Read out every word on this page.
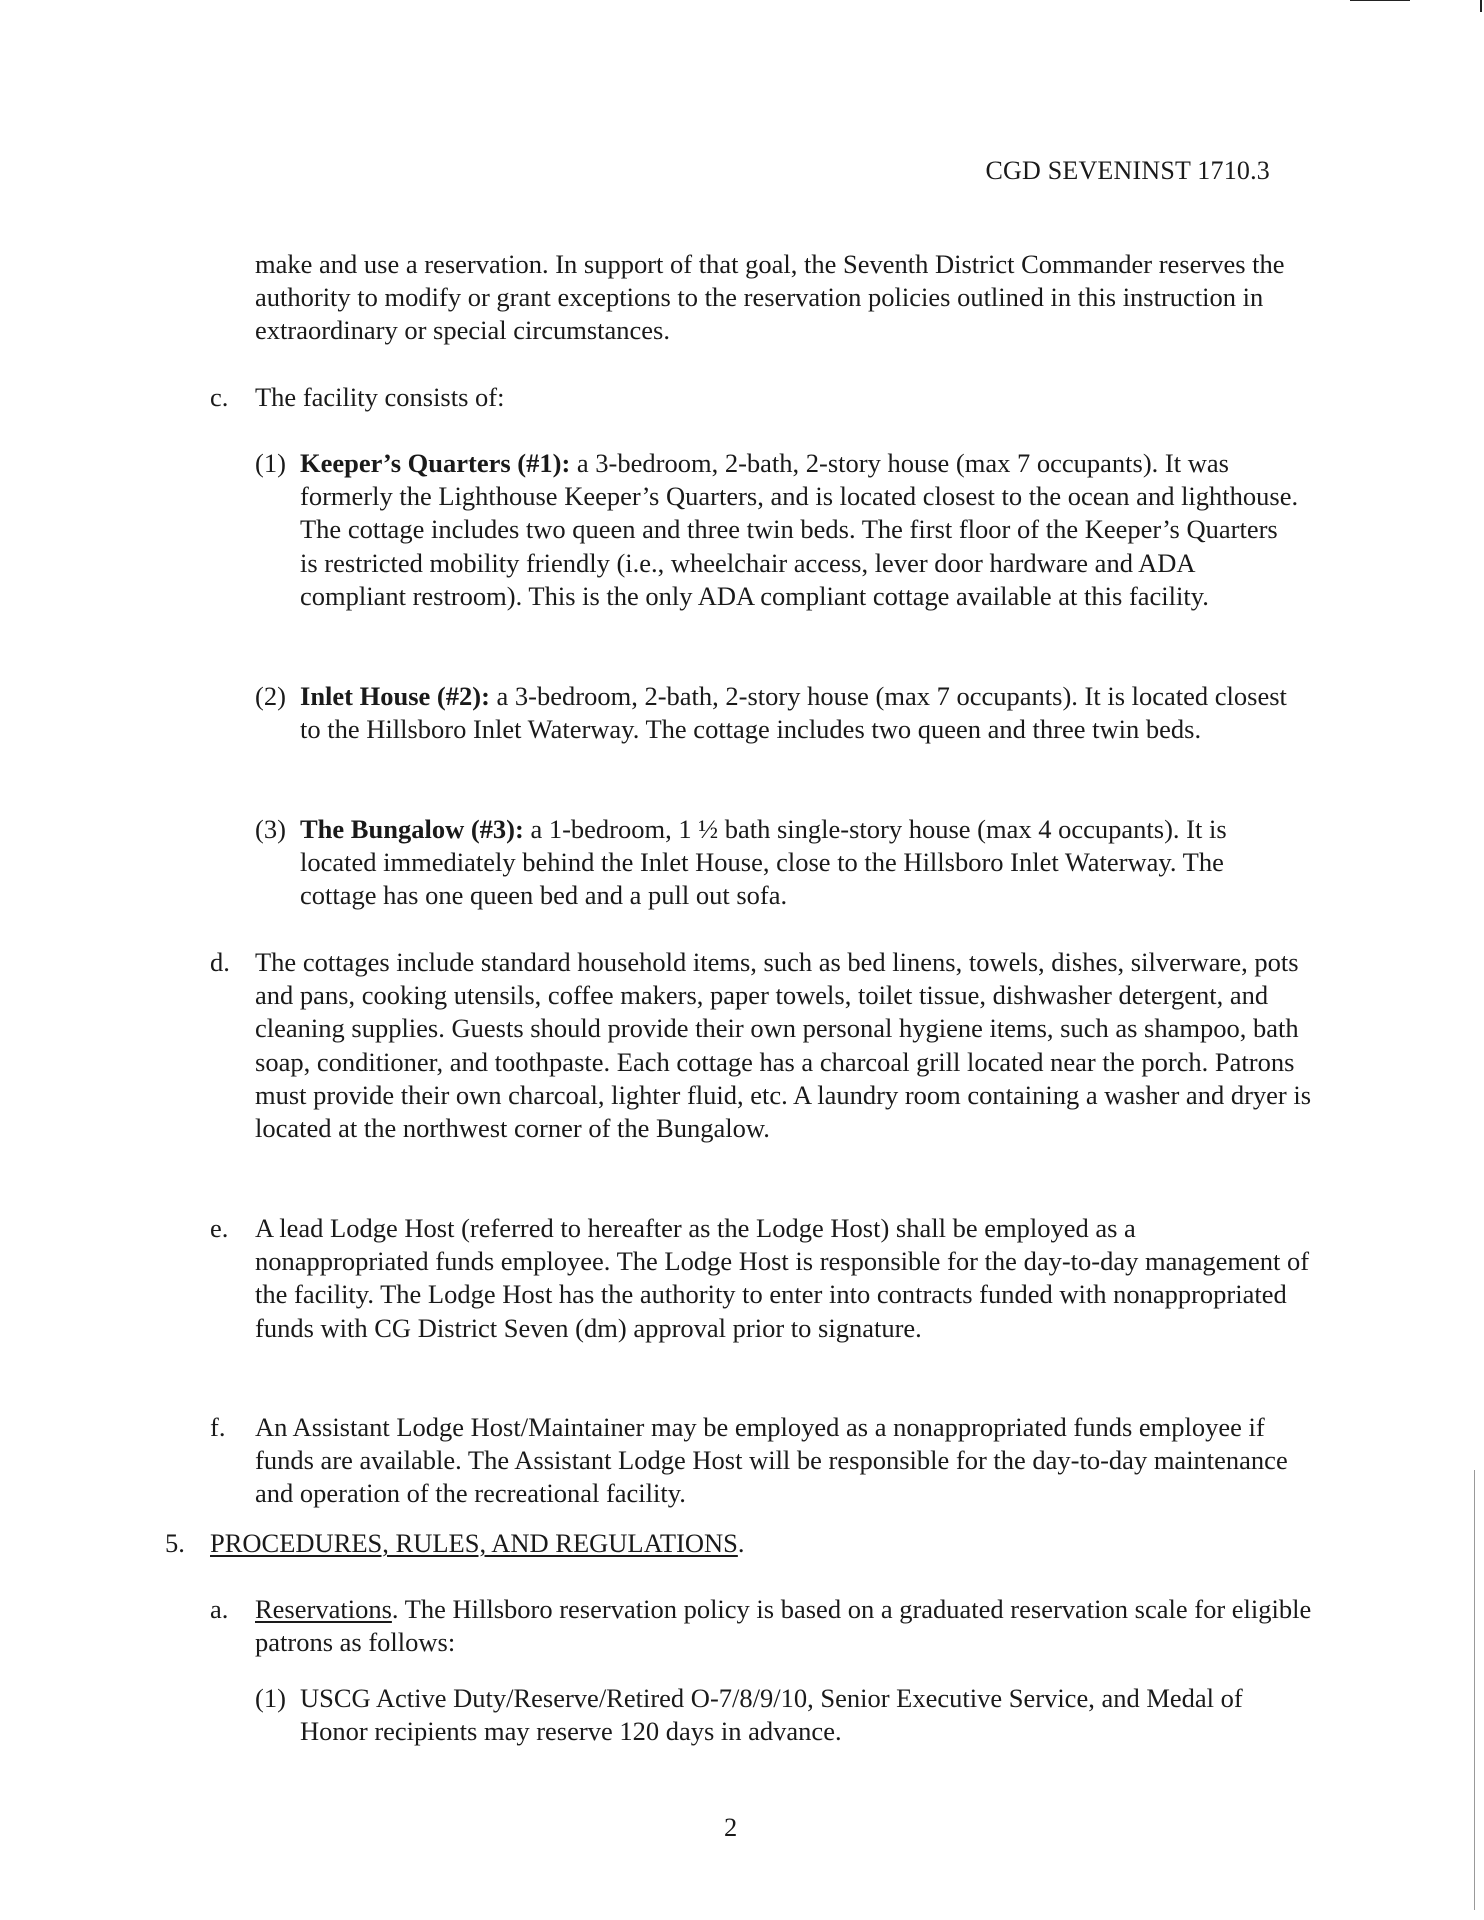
CGD SEVENINST 1710.3

make and use a reservation. In support of that goal, the Seventh District Commander reserves the authority to modify or grant exceptions to the reservation policies outlined in this instruction in extraordinary or special circumstances.

c. The facility consists of:

(1) Keeper’s Quarters (#1): a 3-bedroom, 2-bath, 2-story house (max 7 occupants). It was formerly the Lighthouse Keeper’s Quarters, and is located closest to the ocean and lighthouse. The cottage includes two queen and three twin beds. The first floor of the Keeper’s Quarters is restricted mobility friendly (i.e., wheelchair access, lever door hardware and ADA compliant restroom). This is the only ADA compliant cottage available at this facility.

(2) Inlet House (#2): a 3-bedroom, 2-bath, 2-story house (max 7 occupants). It is located closest to the Hillsboro Inlet Waterway. The cottage includes two queen and three twin beds.

(3) The Bungalow (#3): a 1-bedroom, 1 ½ bath single-story house (max 4 occupants). It is located immediately behind the Inlet House, close to the Hillsboro Inlet Waterway. The cottage has one queen bed and a pull out sofa.

d. The cottages include standard household items, such as bed linens, towels, dishes, silverware, pots and pans, cooking utensils, coffee makers, paper towels, toilet tissue, dishwasher detergent, and cleaning supplies. Guests should provide their own personal hygiene items, such as shampoo, bath soap, conditioner, and toothpaste. Each cottage has a charcoal grill located near the porch. Patrons must provide their own charcoal, lighter fluid, etc. A laundry room containing a washer and dryer is located at the northwest corner of the Bungalow.

e. A lead Lodge Host (referred to hereafter as the Lodge Host) shall be employed as a nonappropriated funds employee. The Lodge Host is responsible for the day-to-day management of the facility. The Lodge Host has the authority to enter into contracts funded with nonappropriated funds with CG District Seven (dm) approval prior to signature.

f. An Assistant Lodge Host/Maintainer may be employed as a nonappropriated funds employee if funds are available. The Assistant Lodge Host will be responsible for the day-to-day maintenance and operation of the recreational facility.

5. PROCEDURES, RULES, AND REGULATIONS.

a. Reservations. The Hillsboro reservation policy is based on a graduated reservation scale for eligible patrons as follows:

(1) USCG Active Duty/Reserve/Retired O-7/8/9/10, Senior Executive Service, and Medal of Honor recipients may reserve 120 days in advance.

2
